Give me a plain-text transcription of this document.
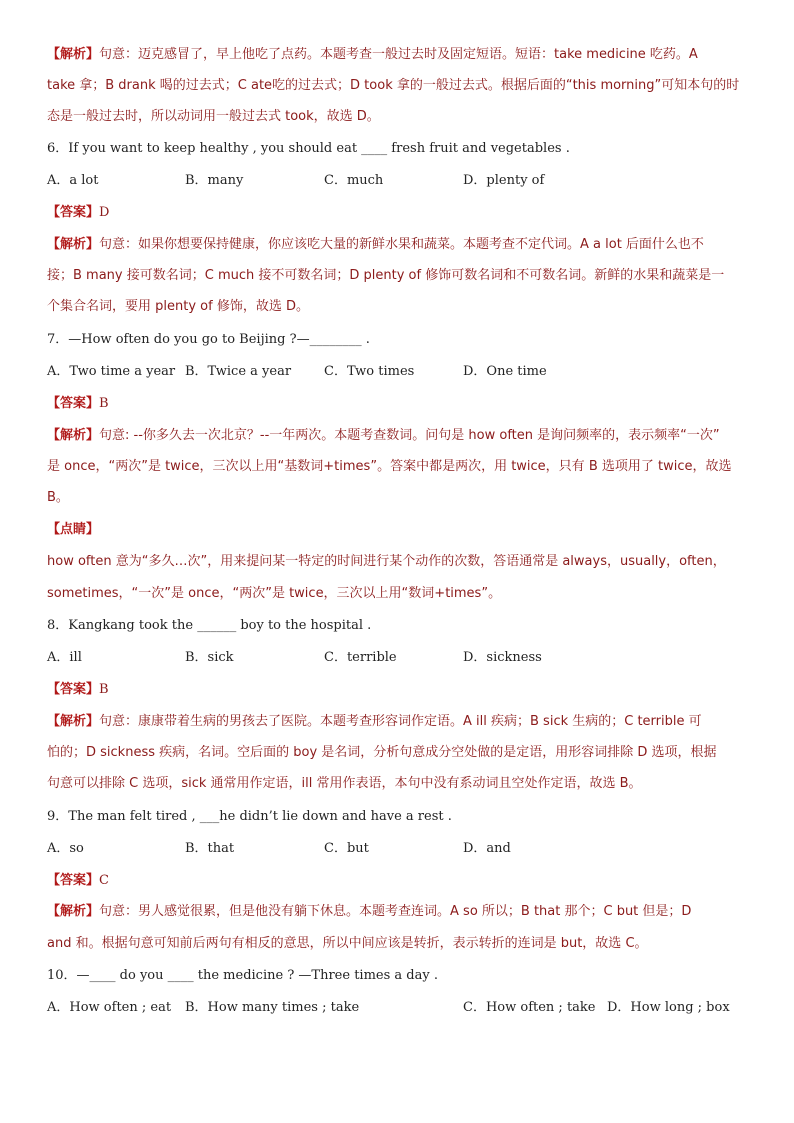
【解析】句意：迈克感冒了，早上他吃了点药。本题考查一般过去时及固定短语。短语：take medicine 吃药。A
take 拿；B drank 喝的过去式；C ate吃的过去式；D took 拿的一般过去式。根据后面的“this morning”可知本句的时
态是一般过去时，所以动词用一般过去式 took，故选 D。
6．If you want to keep healthy , you should eat ____ fresh fruit and vegetables .
A．a lot	B．many	C．much	D．plenty of
【答案】D
【解析】句意：如果你想要保持健康，你应该吃大量的新鲜水果和蔬菜。本题考查不定代词。A a lot 后面什么也不
接；B many 接可数名词；C much 接不可数名词；D plenty of 修饰可数名词和不可数名词。新鲜的水果和蔬菜是一
个集合名词，要用 plenty of 修饰，故选 D。
7．—How often do you go to Beijing ?—________ .
A．Two time a year B．Twice a year	C．Two times	D．One time
【答案】B
【解析】句意: --你多久去一次北京？--一年两次。本题考查数词。问句是 how often 是询问频率的，表示频率“一次”
是 once，“两次”是 twice，三次以上用“基数词+times”。答案中都是两次，用 twice，只有 B 选项用了 twice，故选
B。
【点睛】
how often 意为“多久…次”，用来提问某一特定的时间进行某个动作的次数，答语通常是 always，usually，often，
sometimes，“一次”是 once，“两次”是 twice，三次以上用“数词+times”。
8．Kangkang took the ______ boy to the hospital .
A．ill	B．sick	C．terrible	D．sickness
【答案】B
【解析】句意：康康带着生病的男孩去了医院。本题考查形容词作定语。A ill 疾病；B sick 生病的；C terrible 可
怕的；D sickness 疾病，名词。空后面的 boy 是名词，分析句意成分空处做的是定语，用形容词排除 D 选项，根据
句意可以排除 C 选项，sick 通常用作定语，ill 常用作表语，本句中没有系动词且空处作定语，故选 B。
9．The man felt tired , ___he didn’t lie down and have a rest .
A．so	B．that	C．but	D．and
【答案】C
【解析】句意：男人感觉很累，但是他没有躺下休息。本题考查连词。A so 所以；B that 那个；C but 但是；D
and 和。根据句意可知前后两句有相反的意思，所以中间应该是转折，表示转折的连词是 but，故选 C。
10．—____ do you ____ the medicine ? —Three times a day .
A．How often ; eat B．How many times ; take	C．How often ; take D．How long ; box
